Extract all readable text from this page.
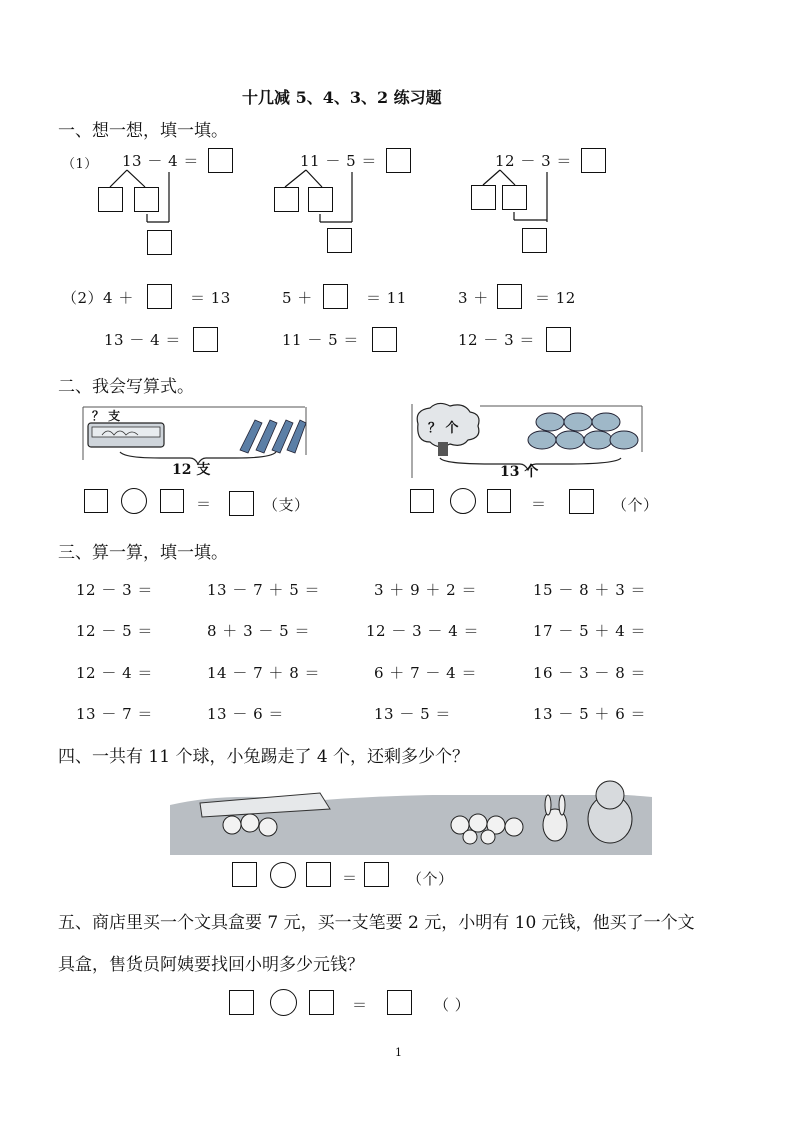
十几减 5、4、3、2 练习题
一、想一想，填一填。
（1） 13 － 4 ＝	11 － 5 ＝	12 － 3 ＝
（2）4 ＋	＝ 13	5 ＋	＝ 11	3 ＋	＝ 12
13 － 4 ＝	11 － 5 ＝	12 － 3 ＝
二、我会写算式。
？ 支
12 支
？ 个
13 个
＝	（支）	＝	（个）
三、算一算，填一填。
12 － 3 ＝	13 － 7 ＋ 5 ＝	3 ＋ 9 ＋ 2 ＝	15 － 8 ＋ 3 ＝
12 － 5 ＝	8 ＋ 3 － 5 ＝	12 － 3 － 4 ＝	17 － 5 ＋ 4 ＝
12 － 4 ＝	14 － 7 ＋ 8 ＝	6 ＋ 7 － 4 ＝	16 － 3 － 8 ＝
13 － 7 ＝	13 － 6 ＝	13 － 5 ＝	13 － 5 ＋ 6 ＝
四、一共有 11 个球，小兔踢走了 4 个，还剩多少个？
＝	（个）
五、商店里买一个文具盒要 7 元，买一支笔要 2 元，小明有 10 元钱，他买了一个文
具盒，售货员阿姨要找回小明多少元钱？
＝	（ ）
1
